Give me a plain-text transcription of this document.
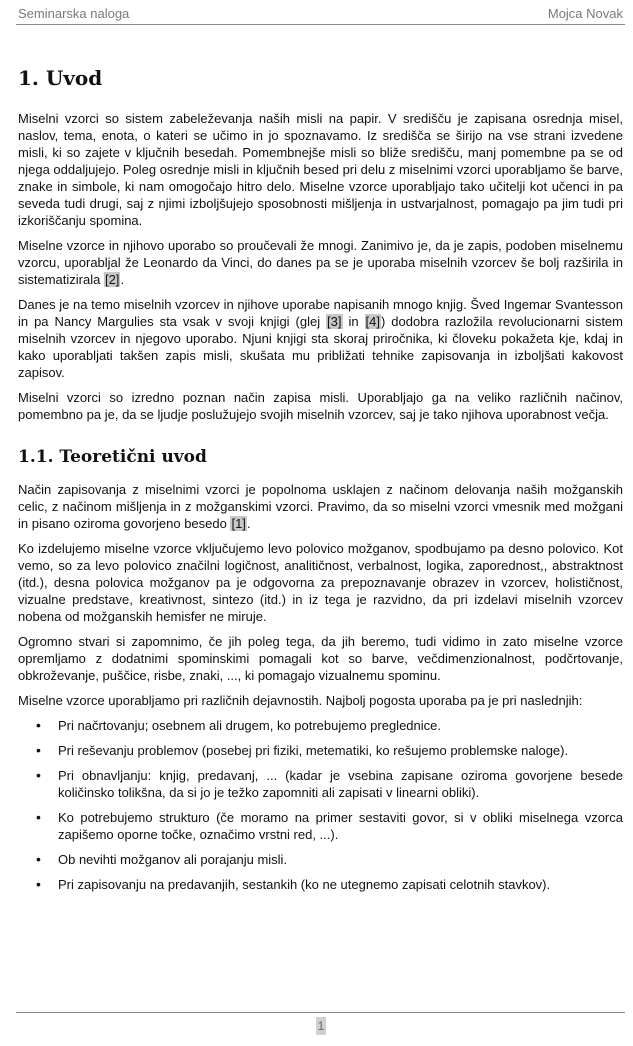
Seminarska naloga	Mojca Novak
1. Uvod

Miselni vzorci so sistem zabeleževanja naših misli na papir. V središču je zapisana osrednja misel, naslov, tema, enota, o kateri se učimo in jo spoznavamo. Iz središča se širijo na vse strani izvedene misli, ki so zajete v ključnih besedah. Pomembnejše misli so bliže središču, manj pomembne pa se od njega oddaljujejo. Poleg osrednje misli in ključnih besed pri delu z miselnimi vzorci uporabljamo še barve, znake in simbole, ki nam omogočajo hitro delo. Miselne vzorce uporabljajo tako učitelji kot učenci in pa seveda tudi drugi, saj z njimi izboljšujejo sposobnosti mišljenja in ustvarjalnost, pomagajo pa jim tudi pri izkoriščanju spomina.

Miselne vzorce in njihovo uporabo so proučevali že mnogi. Zanimivo je, da je zapis, podoben miselnemu vzorcu, uporabljal že Leonardo da Vinci, do danes pa se je uporaba miselnih vzorcev še bolj razširila in sistematizirala [2].

Danes je na temo miselnih vzorcev in njihove uporabe napisanih mnogo knjig. Šved Ingemar Svantesson in pa Nancy Margulies sta vsak v svoji knjigi (glej [3] in [4]) dodobra razložila revolucionarni sistem miselnih vzorcev in njegovo uporabo. Njuni knjigi sta skoraj priročnika, ki človeku pokažeta kje, kdaj in kako uporabljati takšen zapis misli, skušata mu približati tehnike zapisovanja in izboljšati kakovost zapisov.

Miselni vzorci so izredno poznan način zapisa misli. Uporabljajo ga na veliko različnih načinov, pomembno pa je, da se ljudje poslužujejo svojih miselnih vzorcev, saj je tako njihova uporabnost večja.

1.1. Teoretični uvod

Način zapisovanja z miselnimi vzorci je popolnoma usklajen z načinom delovanja naših možganskih celic, z načinom mišljenja in z možganskimi vzorci. Pravimo, da so miselni vzorci vmesnik med možgani in pisano oziroma govorjeno besedo [1].

Ko izdelujemo miselne vzorce vključujemo levo polovico možganov, spodbujamo pa desno polovico. Kot vemo, so za levo polovico značilni logičnost, analitičnost, verbalnost, logika, zaporednost,, abstraktnost (itd.), desna polovica možganov pa je odgovorna za prepoznavanje obrazev in vzorcev, holističnost, vizualne predstave, kreativnost, sintezo (itd.) in iz tega je razvidno, da pri izdelavi miselnih vzorcev nobena od možganskih hemisfer ne miruje.

Ogromno stvari si zapomnimo, če jih poleg tega, da jih beremo, tudi vidimo in zato miselne vzorce opremljamo z dodatnimi spominskimi pomagali kot so barve, večdimenzionalnost, podčrtovanje, obkroževanje, puščice, risbe, znaki, ..., ki pomagajo vizualnemu spominu.

Miselne vzorce uporabljamo pri različnih dejavnostih. Najbolj pogosta uporaba pa je pri naslednjih:

• Pri načrtovanju; osebnem ali drugem, ko potrebujemo preglednice.
• Pri reševanju problemov (posebej pri fiziki, metematiki, ko rešujemo problemske naloge).
• Pri obnavljanju: knjig, predavanj, ... (kadar je vsebina zapisane oziroma govorjene besede količinsko tolikšna, da si jo je težko zapomniti ali zapisati v linearni obliki).
• Ko potrebujemo strukturo (če moramo na primer sestaviti govor, si v obliki miselnega vzorca zapišemo oporne točke, označimo vrstni red, ...).
• Ob nevihti možganov ali porajanju misli.
• Pri zapisovanju na predavanjih, sestankih (ko ne utegnemo zapisati celotnih stavkov).
1
